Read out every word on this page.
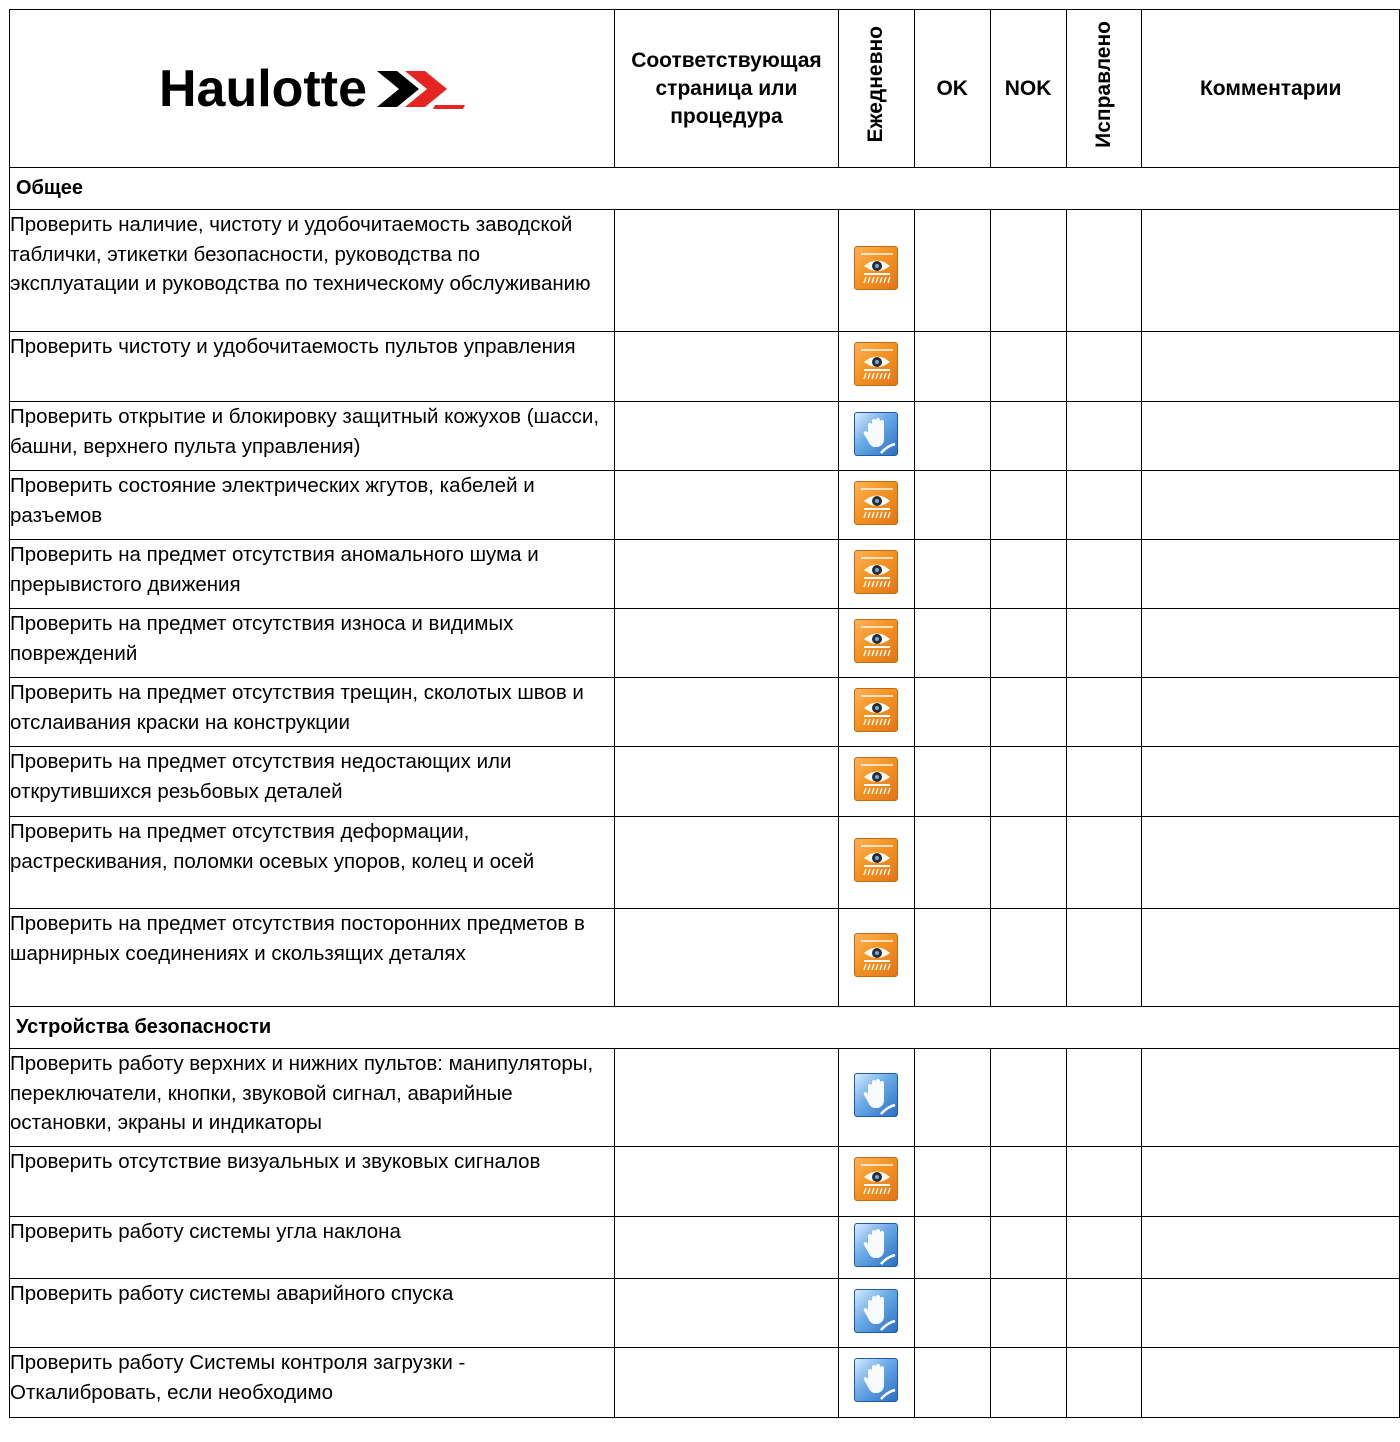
Haulotte	Соответствующая страница или процедура	Ежедневно	OK	NOK	Исправлено	Комментарии
Общее						
Проверить наличие, чистоту и удобочитаемость заводской таблички, этикетки безопасности, руководства по эксплуатации и руководства по техническому обслуживанию		

Проверить чистоту и удобочитаемость пультов управления		

Проверить открытие и блокировку защитный кожухов (шасси, башни, верхнего пульта управления)		

Проверить состояние электрических жгутов, кабелей и разъемов		

Проверить на предмет отсутствия аномального шума и прерывистого движения		

Проверить на предмет отсутствия износа и видимых повреждений		

Проверить на предмет отсутствия трещин, сколотых швов и отслаивания краски на конструкции		

Проверить на предмет отсутствия недостающих или открутившихся резьбовых деталей		

Проверить на предмет отсутствия деформации, растрескивания, поломки осевых упоров, колец и осей		

Проверить на предмет отсутствия посторонних предметов в шарнирных соединениях и скользящих деталях		

Устройства безопасности						
Проверить работу верхних и нижних пультов: манипуляторы, переключатели, кнопки, звуковой сигнал, аварийные остановки, экраны и индикаторы		

Проверить отсутствие визуальных и звуковых сигналов		

Проверить работу системы угла наклона		

Проверить работу системы аварийного спуска		

Проверить работу Системы контроля загрузки - Откалибровать, если необходимо		
